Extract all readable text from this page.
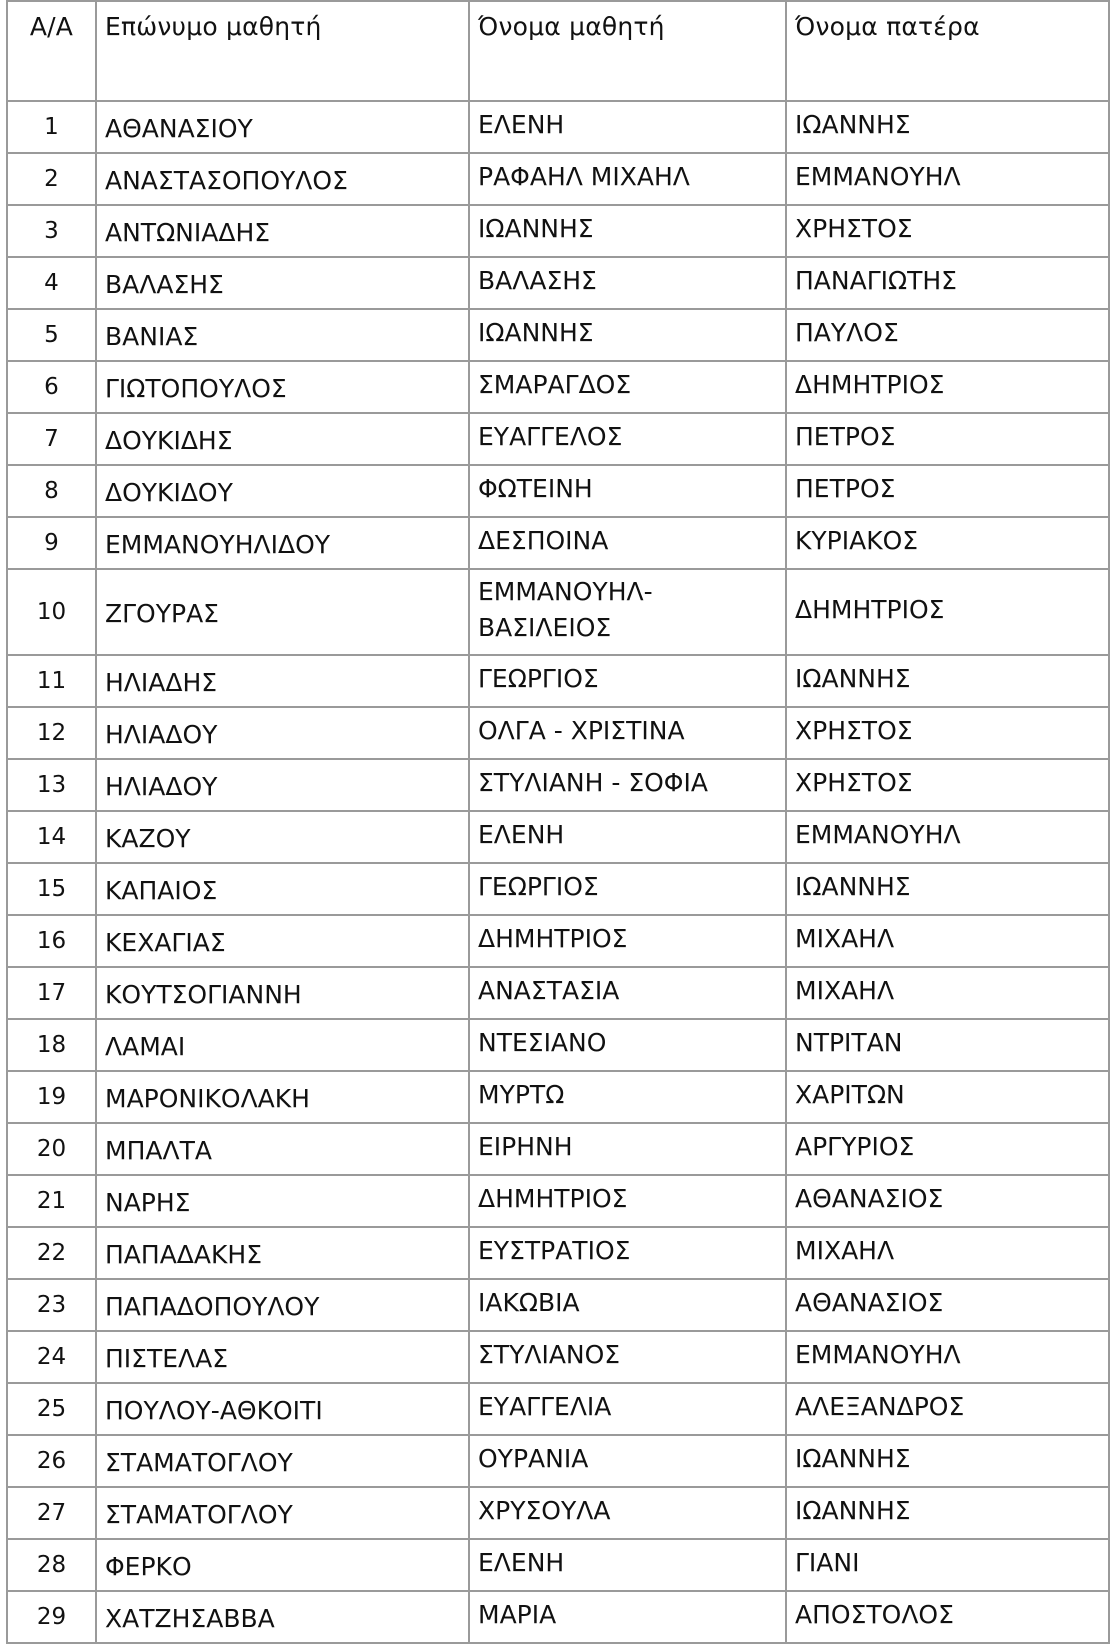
Α/Α	Επώνυμο μαθητή	Όνομα μαθητή	Όνομα πατέρα

1	ΑΘΑΝΑΣΙΟΥ	ΕΛΕΝΗ	ΙΩΑΝΝΗΣ

2	ΑΝΑΣΤΑΣΟΠΟΥΛΟΣ	ΡΑΦΑΗΛ ΜΙΧΑΗΛ	ΕΜΜΑΝΟΥΗΛ

3	ΑΝΤΩΝΙΑΔΗΣ	ΙΩΑΝΝΗΣ	ΧΡΗΣΤΟΣ

4	ΒΑΛΑΣΗΣ	ΒΑΛΑΣΗΣ	ΠΑΝΑΓΙΩΤΗΣ

5	ΒΑΝΙΑΣ	ΙΩΑΝΝΗΣ	ΠΑΥΛΟΣ

6	ΓΙΩΤΟΠΟΥΛΟΣ	ΣΜΑΡΑΓΔΟΣ	ΔΗΜΗΤΡΙΟΣ

7	ΔΟΥΚΙΔΗΣ	ΕΥΑΓΓΕΛΟΣ	ΠΕΤΡΟΣ

8	ΔΟΥΚΙΔΟΥ	ΦΩΤΕΙΝΗ	ΠΕΤΡΟΣ

9	ΕΜΜΑΝΟΥΗΛΙΔΟΥ	ΔΕΣΠΟΙΝΑ	ΚΥΡΙΑΚΟΣ

10	ΖΓΟΥΡΑΣ	ΕΜΜΑΝΟΥΗΛ-
ΒΑΣΙΛΕΙΟΣ	ΔΗΜΗΤΡΙΟΣ

11	ΗΛΙΑΔΗΣ	ΓΕΩΡΓΙΟΣ	ΙΩΑΝΝΗΣ

12	ΗΛΙΑΔΟΥ	ΟΛΓΑ - ΧΡΙΣΤΙΝΑ	ΧΡΗΣΤΟΣ

13	ΗΛΙΑΔΟΥ	ΣΤΥΛΙΑΝΗ - ΣΟΦΙΑ	ΧΡΗΣΤΟΣ

14	ΚΑΖΟΥ	ΕΛΕΝΗ	ΕΜΜΑΝΟΥΗΛ

15	ΚΑΠΑΙΟΣ	ΓΕΩΡΓΙΟΣ	ΙΩΑΝΝΗΣ

16	ΚΕΧΑΓΙΑΣ	ΔΗΜΗΤΡΙΟΣ	ΜΙΧΑΗΛ

17	ΚΟΥΤΣΟΓΙΑΝΝΗ	ΑΝΑΣΤΑΣΙΑ	ΜΙΧΑΗΛ

18	ΛΑΜΑΙ	ΝΤΕΣΙΑΝΟ	ΝΤΡΙΤΑΝ

19	ΜΑΡΟΝΙΚΟΛΑΚΗ	ΜΥΡΤΩ	ΧΑΡΙΤΩΝ

20	ΜΠΑΛΤΑ	ΕΙΡΗΝΗ	ΑΡΓΥΡΙΟΣ

21	ΝΑΡΗΣ	ΔΗΜΗΤΡΙΟΣ	ΑΘΑΝΑΣΙΟΣ

22	ΠΑΠΑΔΑΚΗΣ	ΕΥΣΤΡΑΤΙΟΣ	ΜΙΧΑΗΛ

23	ΠΑΠΑΔΟΠΟΥΛΟΥ	ΙΑΚΩΒΙΑ	ΑΘΑΝΑΣΙΟΣ

24	ΠΙΣΤΕΛΑΣ	ΣΤΥΛΙΑΝΟΣ	ΕΜΜΑΝΟΥΗΛ

25	ΠΟΥΛΟΥ-ΑΘΚΟΙΤΙ	ΕΥΑΓΓΕΛΙΑ	ΑΛΕΞΑΝΔΡΟΣ

26	ΣΤΑΜΑΤΟΓΛΟΥ	ΟΥΡΑΝΙΑ	ΙΩΑΝΝΗΣ

27	ΣΤΑΜΑΤΟΓΛΟΥ	ΧΡΥΣΟΥΛΑ	ΙΩΑΝΝΗΣ

28	ΦΕΡΚΟ	ΕΛΕΝΗ	ΓΙΑΝΙ

29	ΧΑΤΖΗΣΑΒΒΑ	ΜΑΡΙΑ	ΑΠΟΣΤΟΛΟΣ
